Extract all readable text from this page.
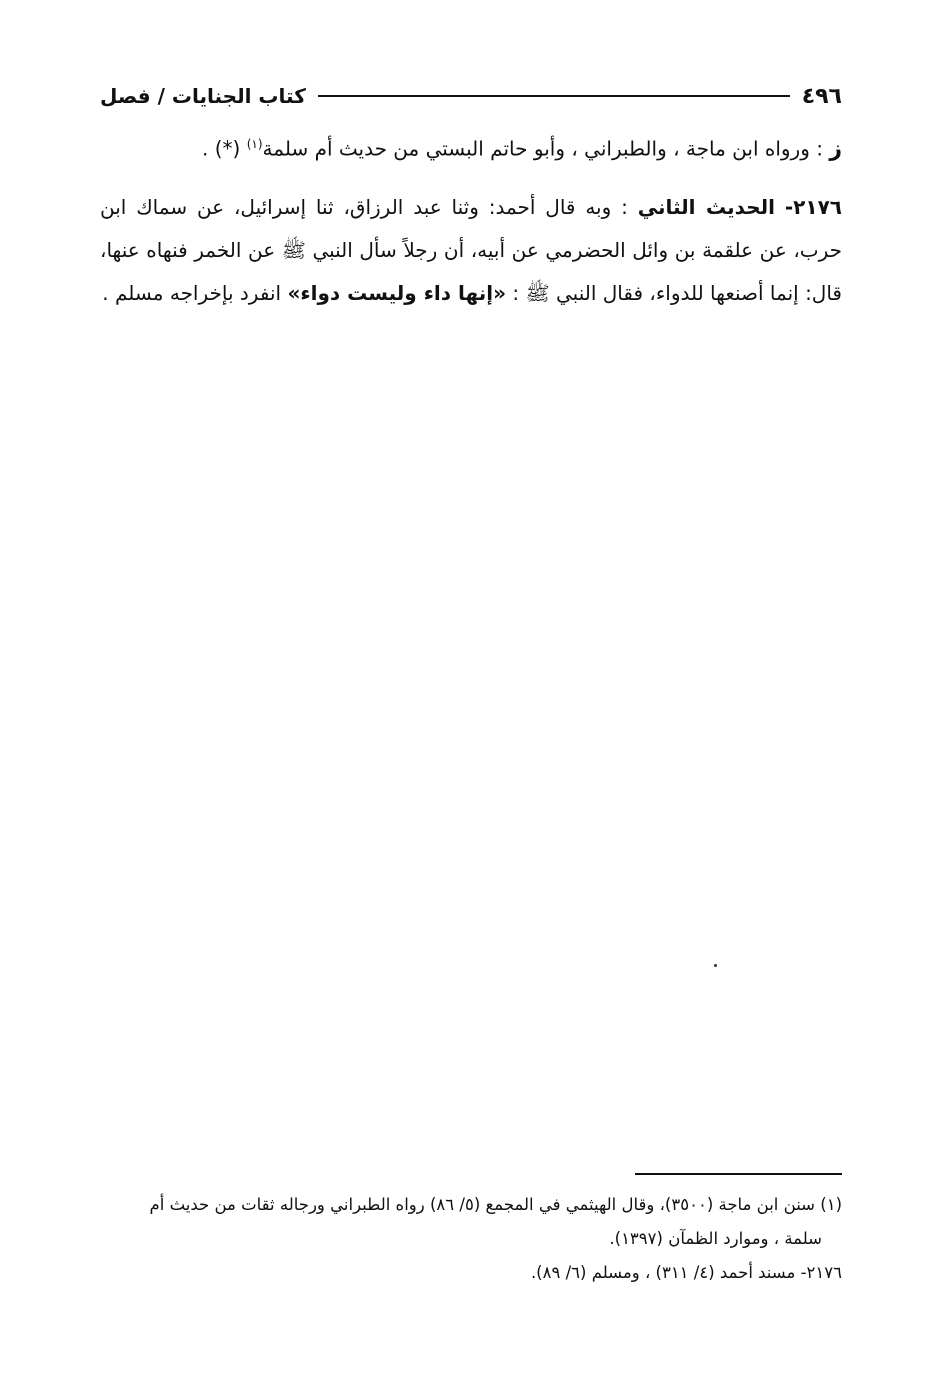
٤٩٦
كتاب الجنايات / فصل
ز : ورواه ابن ماجة ، والطبراني ، وأبو حاتم البستي من حديث أم سلمة$^{(١)}$ (*) .
٢١٧٦- الحديث الثاني : وبه قال أحمد: وثنا عبد الرزاق، ثنا إسرائيل، عن سماك ابن حرب، عن علقمة بن وائل الحضرمي عن أبيه، أن رجلاً سأل النبي ﷺ عن الخمر فنهاه عنها، قال: إنما أصنعها للدواء، فقال النبي ﷺ : «إنها داء وليست دواء» انفرد بإخراجه مسلم .

(١) سنن ابن ماجة (٣٥٠٠)، وقال الهيثمي في المجمع (٥/ ٨٦) رواه الطبراني ورجاله ثقات من حديث أم

سلمة ، وموارد الظمآن (١٣٩٧).

٢١٧٦- مسند أحمد (٤/ ٣١١) ، ومسلم (٦/ ٨٩).
